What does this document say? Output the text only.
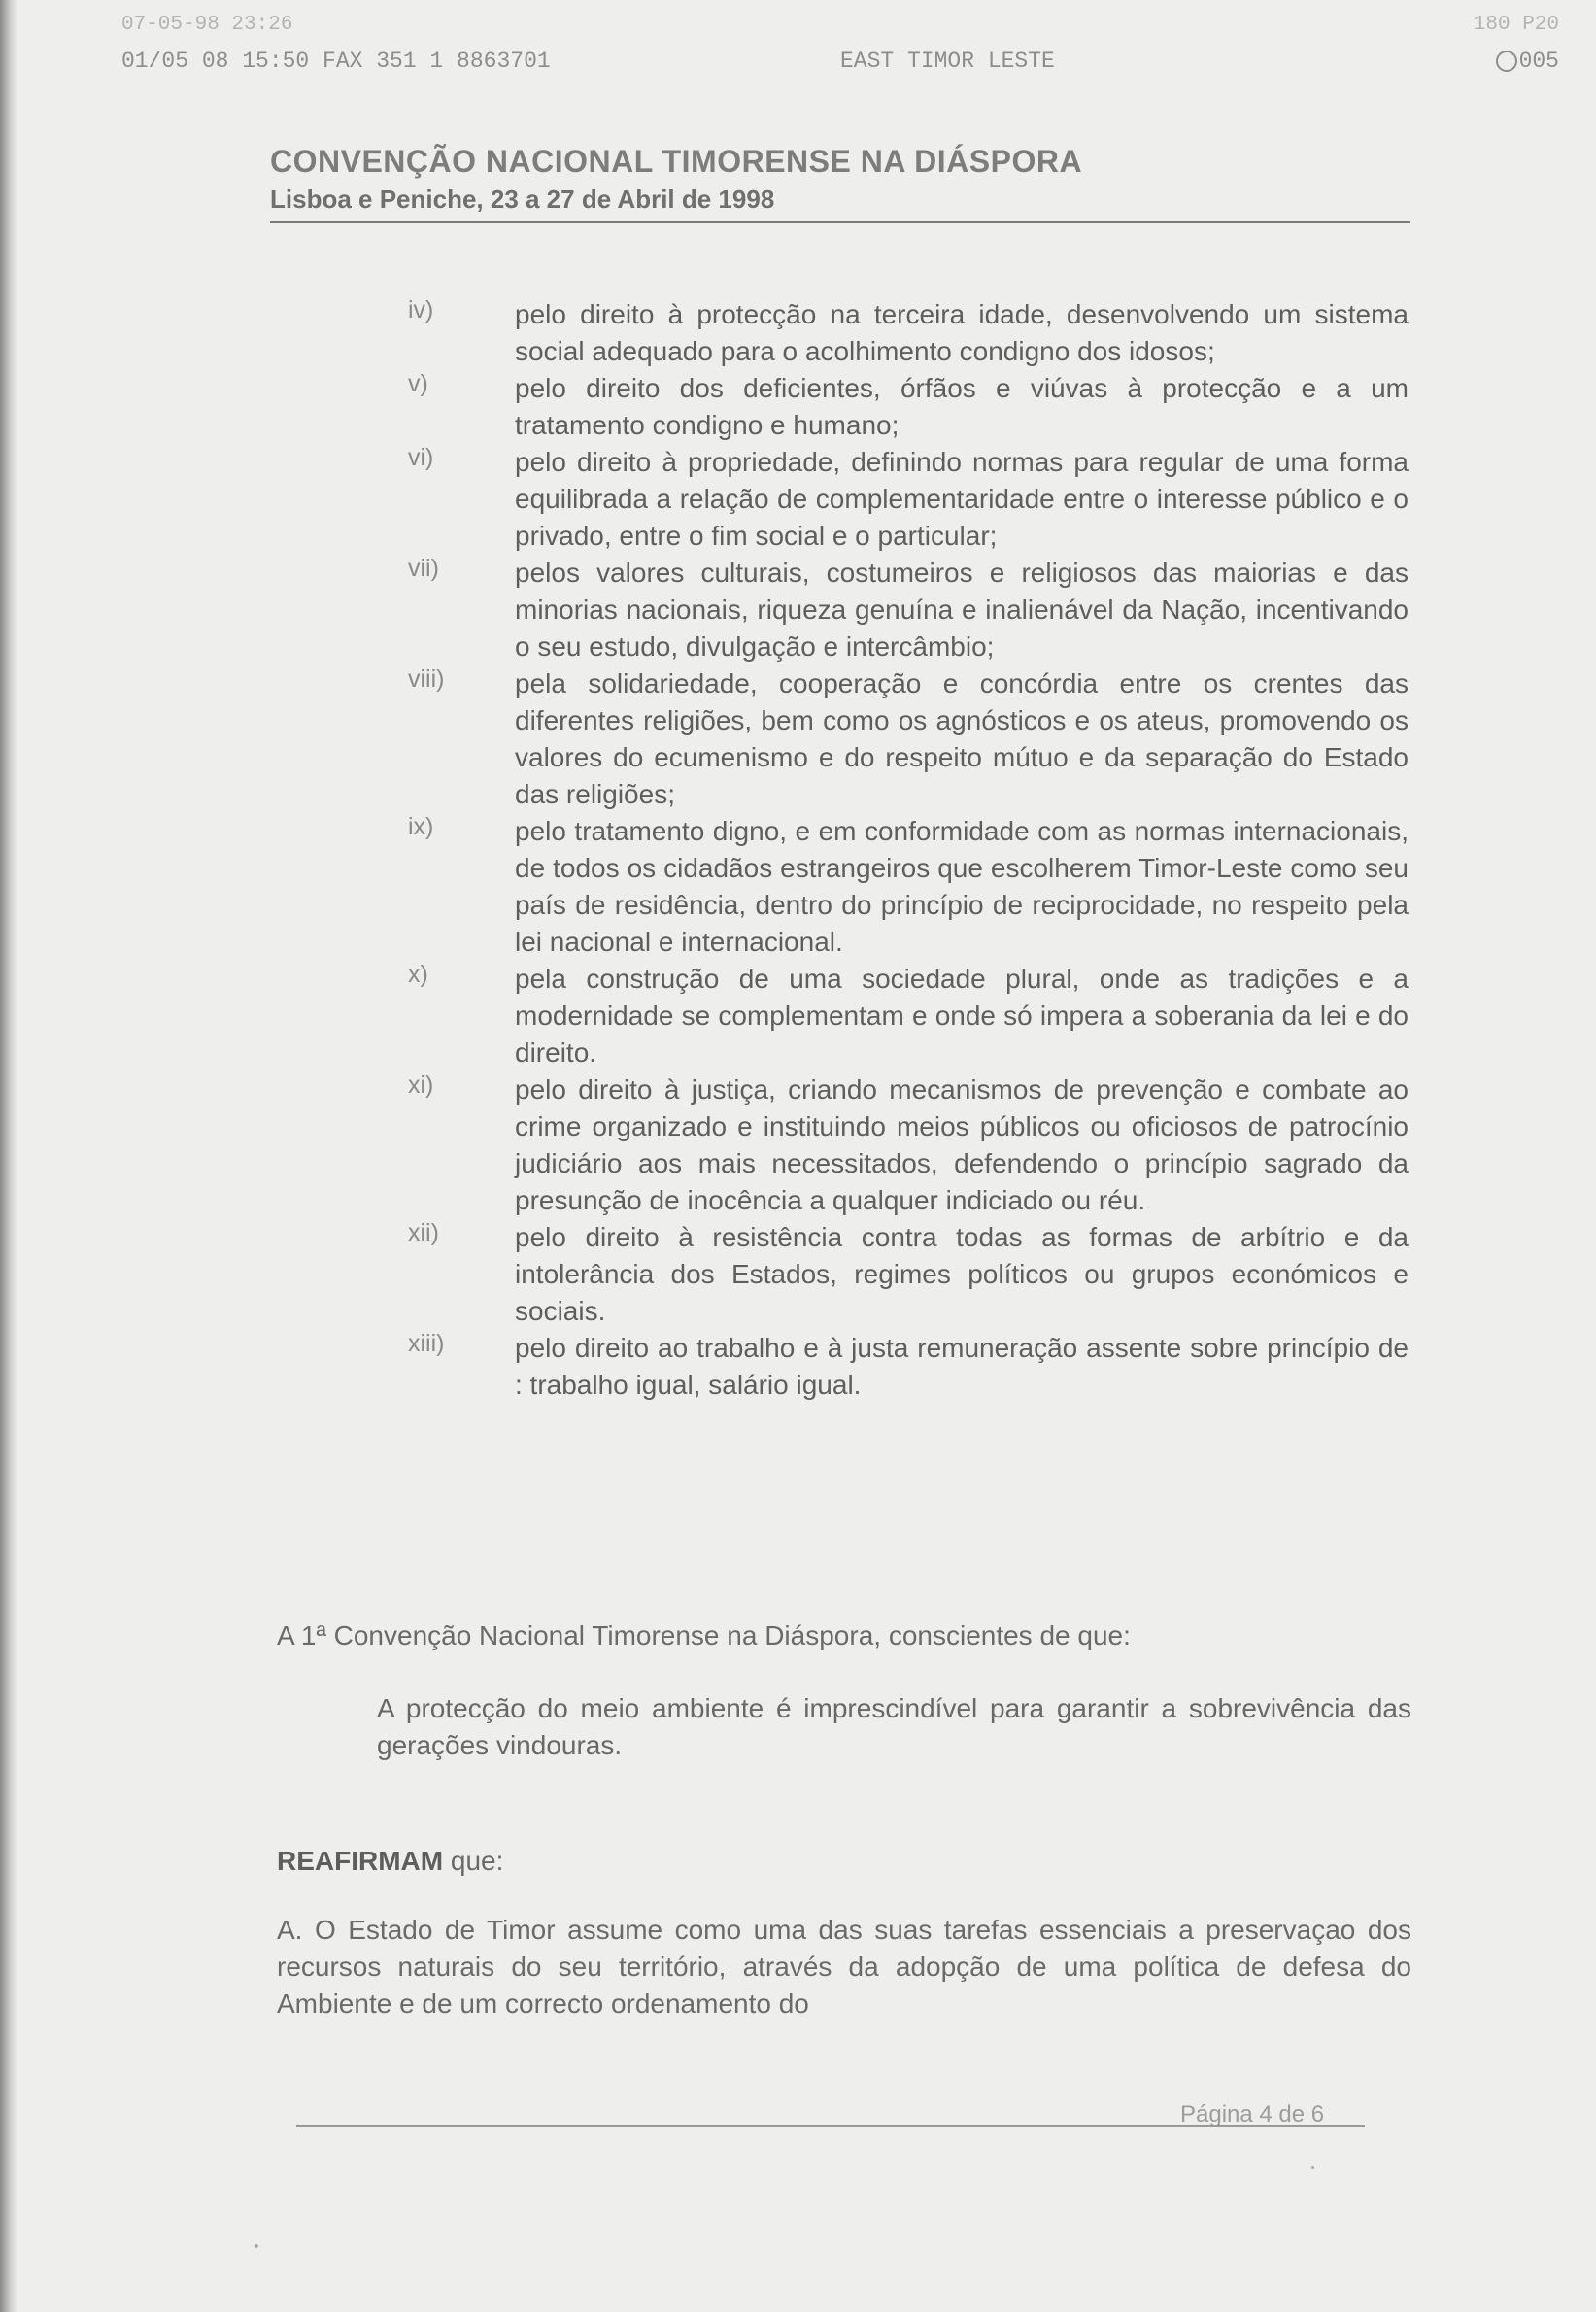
07-05-98 23:26	180 P20
01/05 08 15:50 FAX 351 1 8863701	EAST TIMOR LESTE	005
CONVENÇÃO NACIONAL TIMORENSE NA DIÁSPORA
Lisboa e Peniche, 23 a 27 de Abril de 1998
iv)	pelo direito à protecção na terceira idade, desenvolvendo um sistema social adequado para o acolhimento condigno dos idosos;
v)	pelo direito dos deficientes, órfãos e viúvas à protecção e a um tratamento condigno e humano;
vi)	pelo direito à propriedade, definindo normas para regular de uma forma equilibrada a relação de complementaridade entre o interesse público e o privado, entre o fim social e o particular;
vii)	pelos valores culturais, costumeiros e religiosos das maiorias e das minorias nacionais, riqueza genuína e inalienável da Nação, incentivando o seu estudo, divulgação e intercâmbio;
viii)	pela solidariedade, cooperação e concórdia entre os crentes das diferentes religiões, bem como os agnósticos e os ateus, promovendo os valores do ecumenismo e do respeito mútuo e da separação do Estado das religiões;
ix)	pelo tratamento digno, e em conformidade com as normas internacionais, de todos os cidadãos estrangeiros que escolherem Timor-Leste como seu país de residência, dentro do princípio de reciprocidade, no respeito pela lei nacional e internacional.
x)	pela construção de uma sociedade plural, onde as tradições e a modernidade se complementam e onde só impera a soberania da lei e do direito.
xi)	pelo direito à justiça, criando mecanismos de prevenção e combate ao crime organizado e instituindo meios públicos ou oficiosos de patrocínio judiciário aos mais necessitados, defendendo o princípio sagrado da presunção de inocência a qualquer indiciado ou réu.
xii)	pelo direito à resistência contra todas as formas de arbítrio e da intolerância dos Estados, regimes políticos ou grupos económicos e sociais.
xiii)	pelo direito ao trabalho e à justa remuneração assente sobre princípio de : trabalho igual, salário igual.
A 1ª Convenção Nacional Timorense na Diáspora, conscientes de que:
A protecção do meio ambiente é imprescindível para garantir a sobrevivência das gerações vindouras.
REAFIRMAM que:
A. O Estado de Timor assume como uma das suas tarefas essenciais a preservaçao dos recursos naturais do seu território, através da adopção de uma política de defesa do Ambiente e de um correcto ordenamento do
Página 4 de 6
